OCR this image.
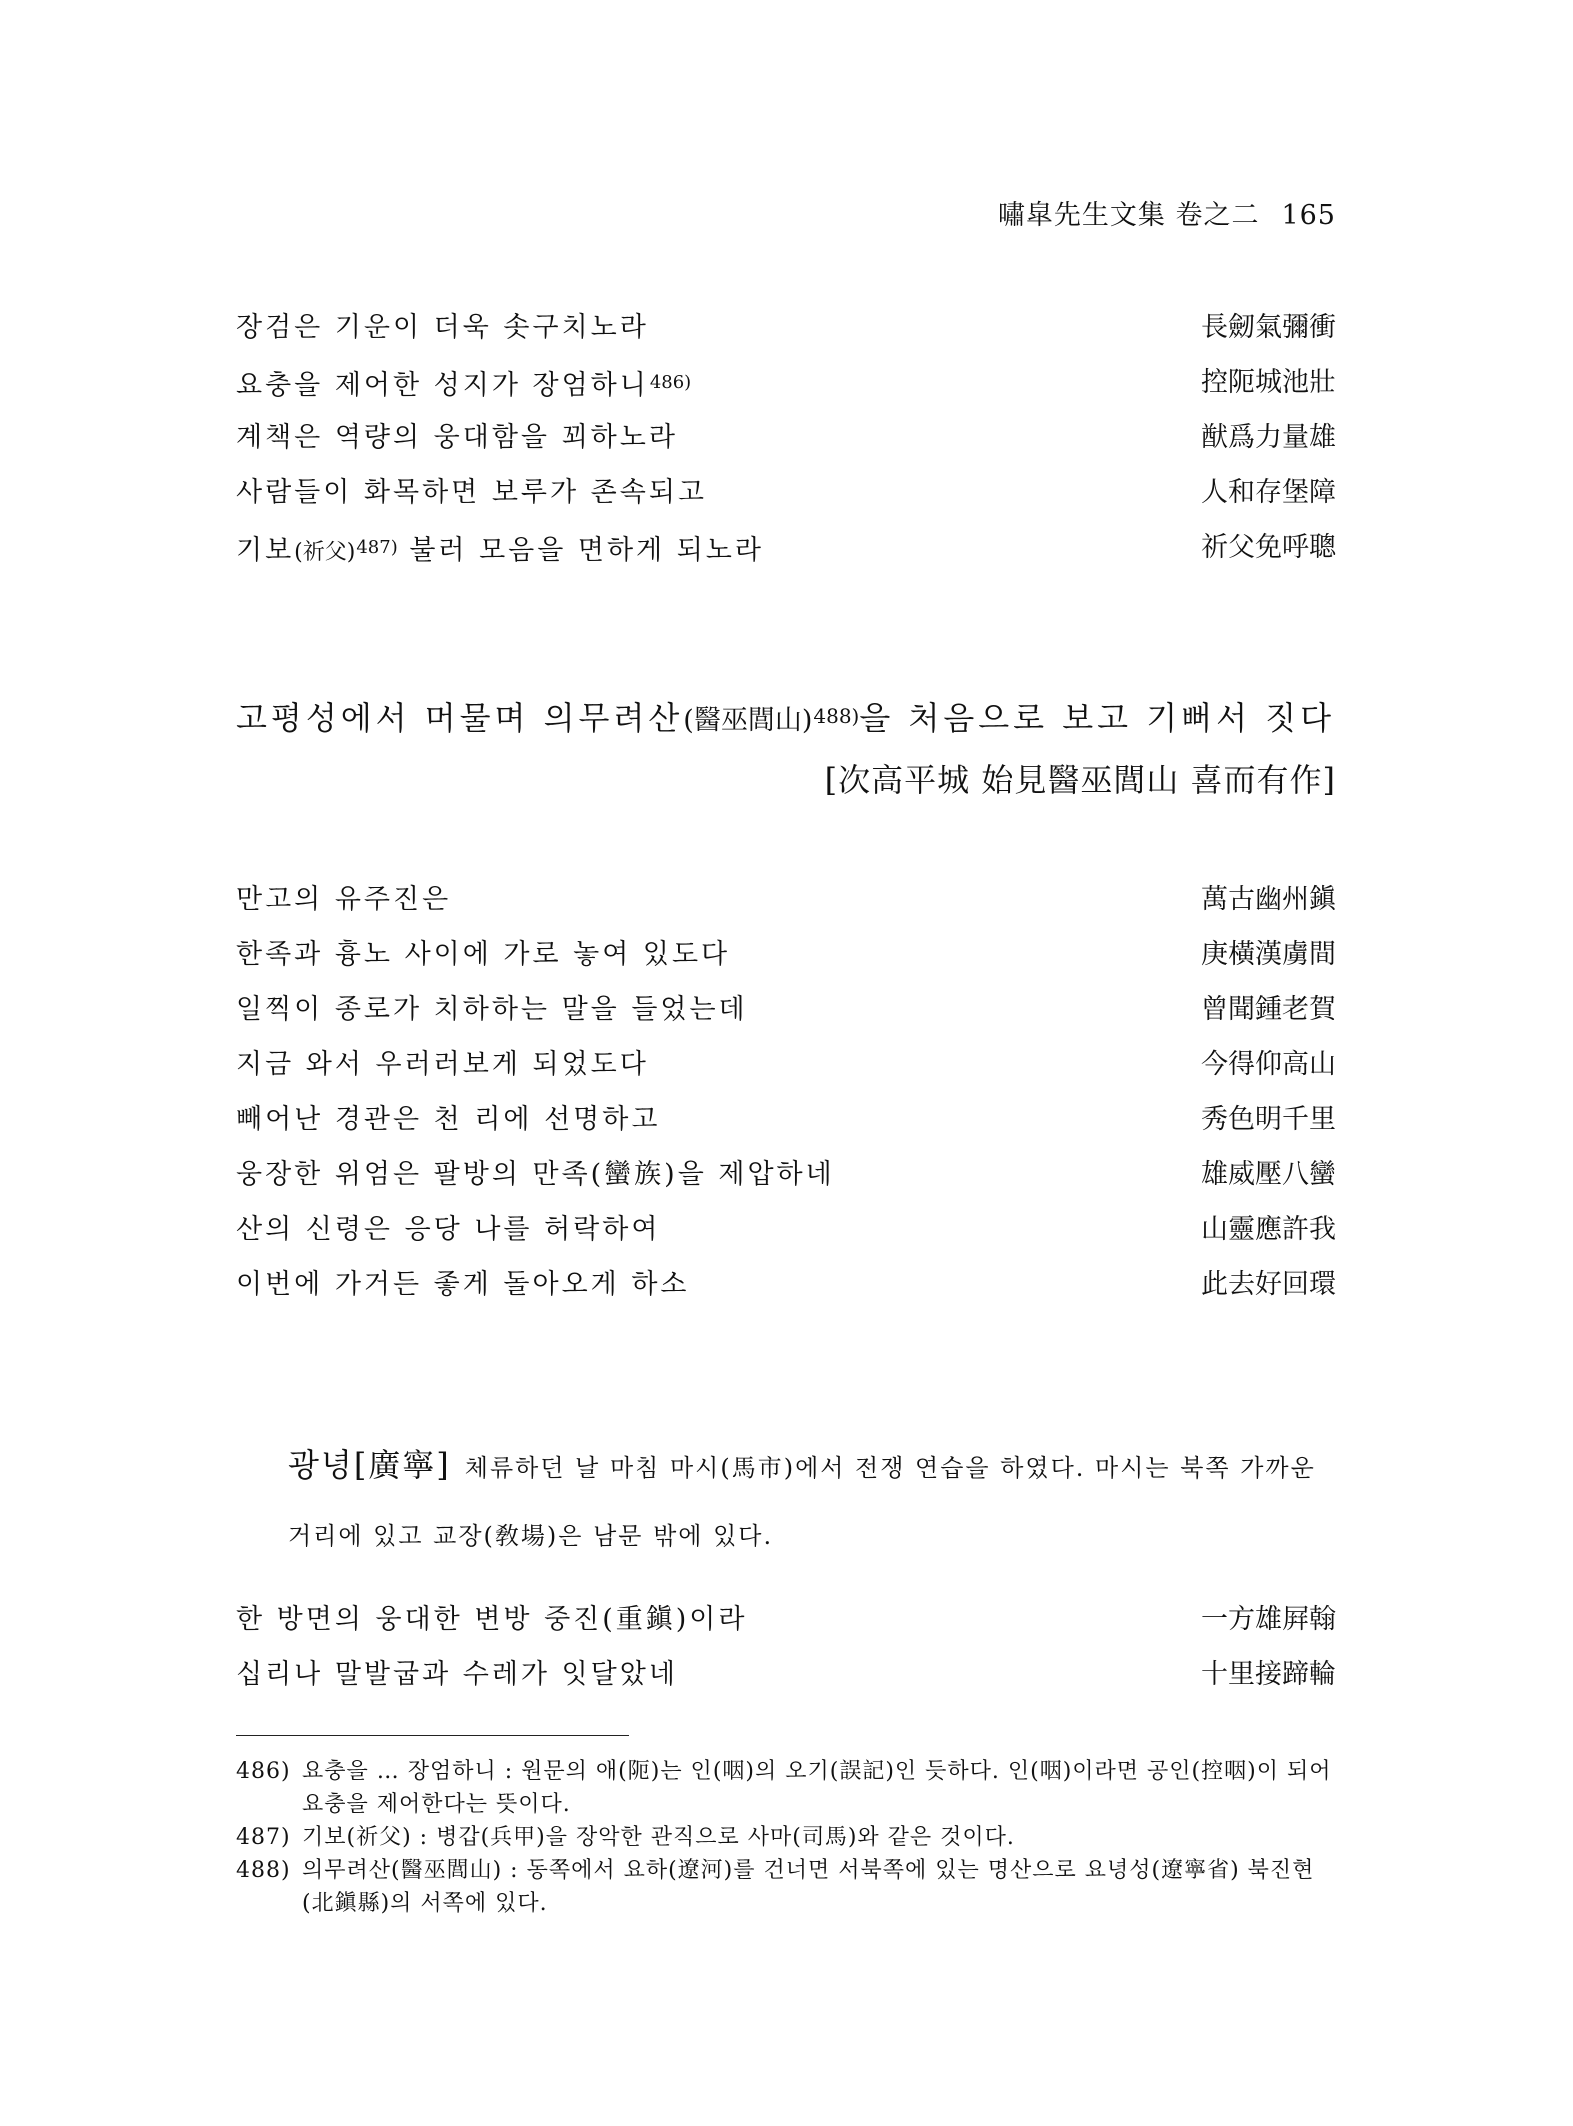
嘯皐先生文集 卷之二 165
장검은 기운이 더욱 솟구치노라	長劒氣彌衝
요충을 제어한 성지가 장엄하니$^{486)}$	控阨城池壯
계책은 역량의 웅대함을 꾀하노라	猷爲力量雄
사람들이 화목하면 보루가 존속되고	人和存堡障
기보(祈父)$^{487)}$ 불러 모음을 면하게 되노라	祈父免呼聰
고평성에서 머물며 의무려산(醫巫閭山)$^{488)}$을 처음으로 보고 기뻐서 짓다
[次高平城 始見醫巫閭山 喜而有作]
만고의 유주진은	萬古幽州鎭
한족과 흉노 사이에 가로 놓여 있도다	庚橫漢虜間
일찍이 종로가 치하하는 말을 들었는데	曾聞鍾老賀
지금 와서 우러러보게 되었도다	今得仰高山
빼어난 경관은 천 리에 선명하고	秀色明千里
웅장한 위엄은 팔방의 만족(蠻族)을 제압하네	雄威壓八蠻
산의 신령은 응당 나를 허락하여	山靈應許我
이번에 가거든 좋게 돌아오게 하소	此去好回環
광녕[廣寧] 체류하던 날 마침 마시(馬市)에서 전쟁 연습을 하였다. 마시는 북쪽 가까운 거리에 있고 교장(敎場)은 남문 밖에 있다.
한 방면의 웅대한 변방 중진(重鎭)이라	一方雄屛翰
십리나 말발굽과 수레가 잇달았네	十里接蹄輪
486) 요충을 … 장엄하니 : 원문의 애(阨)는 인(咽)의 오기(誤記)인 듯하다. 인(咽)이라면 공인(控咽)이 되어 요충을 제어한다는 뜻이다.
487) 기보(祈父) : 병갑(兵甲)을 장악한 관직으로 사마(司馬)와 같은 것이다.
488) 의무려산(醫巫閭山) : 동쪽에서 요하(遼河)를 건너면 서북쪽에 있는 명산으로 요녕성(遼寧省) 북진현(北鎭縣)의 서쪽에 있다.
